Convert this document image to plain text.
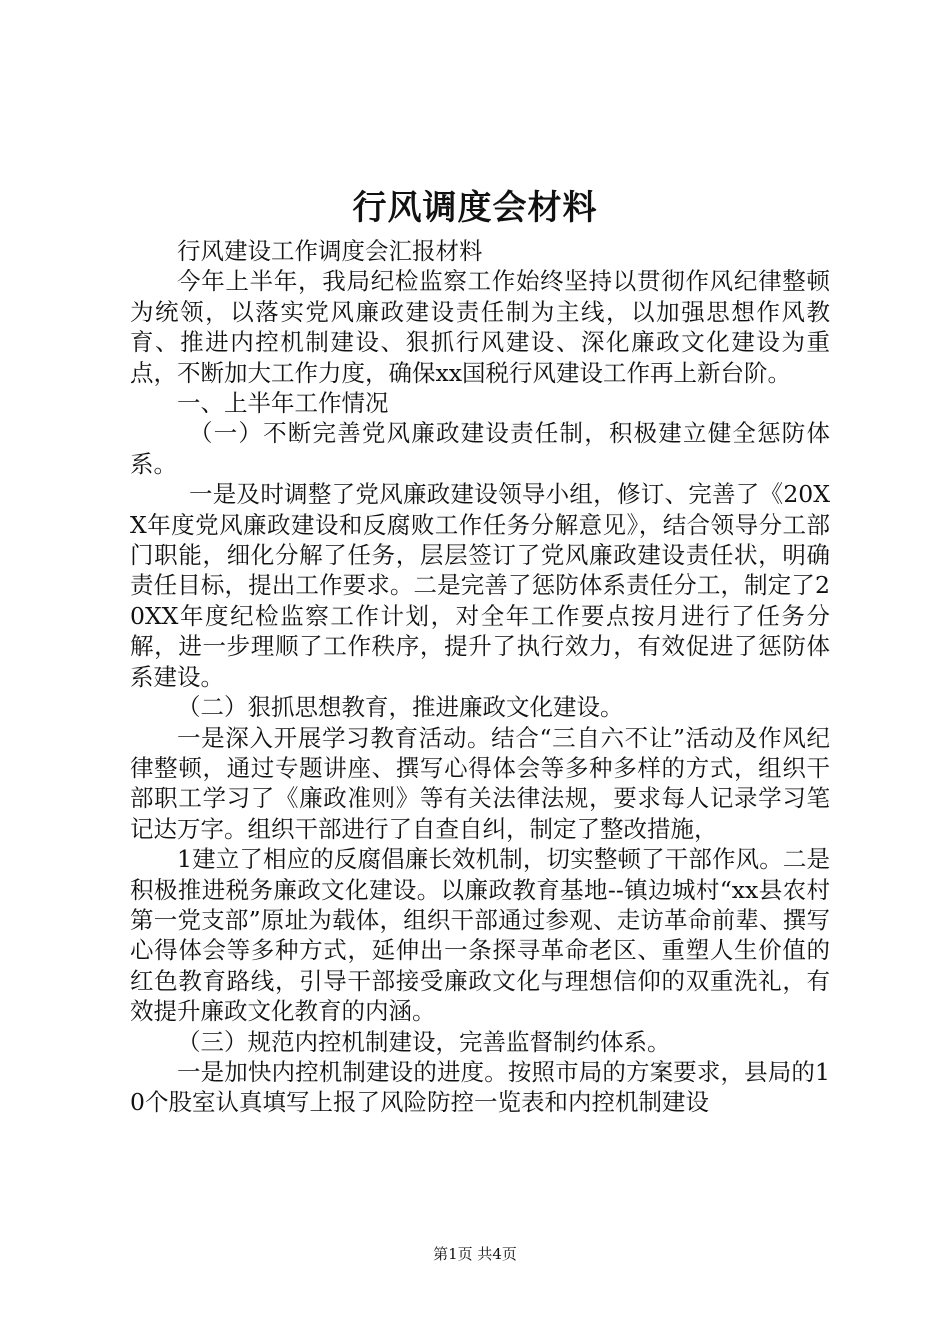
行风调度会材料

行风建设工作调度会汇报材料

今年上半年，我局纪检监察工作始终坚持以贯彻作风纪律整顿为统领，以落实党风廉政建设责任制为主线，以加强思想作风教育、推进内控机制建设、狠抓行风建设、深化廉政文化建设为重点，不断加大工作力度，确保xx国税行风建设工作再上新台阶。

一、上半年工作情况

（一）不断完善党风廉政建设责任制，积极建立健全惩防体系。

一是及时调整了党风廉政建设领导小组，修订、完善了《20XX年度党风廉政建设和反腐败工作任务分解意见》，结合领导分工部门职能，细化分解了任务，层层签订了党风廉政建设责任状，明确责任目标，提出工作要求。二是完善了惩防体系责任分工，制定了20XX年度纪检监察工作计划，对全年工作要点按月进行了任务分解，进一步理顺了工作秩序，提升了执行效力，有效促进了惩防体系建设。

（二）狠抓思想教育，推进廉政文化建设。

一是深入开展学习教育活动。结合“三自六不让”活动及作风纪律整顿，通过专题讲座、撰写心得体会等多种多样的方式，组织干部职工学习了《廉政准则》等有关法律法规，要求每人记录学习笔记达万字。组织干部进行了自查自纠，制定了整改措施，

1建立了相应的反腐倡廉长效机制，切实整顿了干部作风。二是积极推进税务廉政文化建设。以廉政教育基地--镇边城村“xx县农村第一党支部”原址为载体，组织干部通过参观、走访革命前辈、撰写心得体会等多种方式，延伸出一条探寻革命老区、重塑人生价值的红色教育路线，引导干部接受廉政文化与理想信仰的双重洗礼，有效提升廉政文化教育的内涵。

（三）规范内控机制建设，完善监督制约体系。

一是加快内控机制建设的进度。按照市局的方案要求，县局的10个股室认真填写上报了风险防控一览表和内控机制建设

第1页 共4页
